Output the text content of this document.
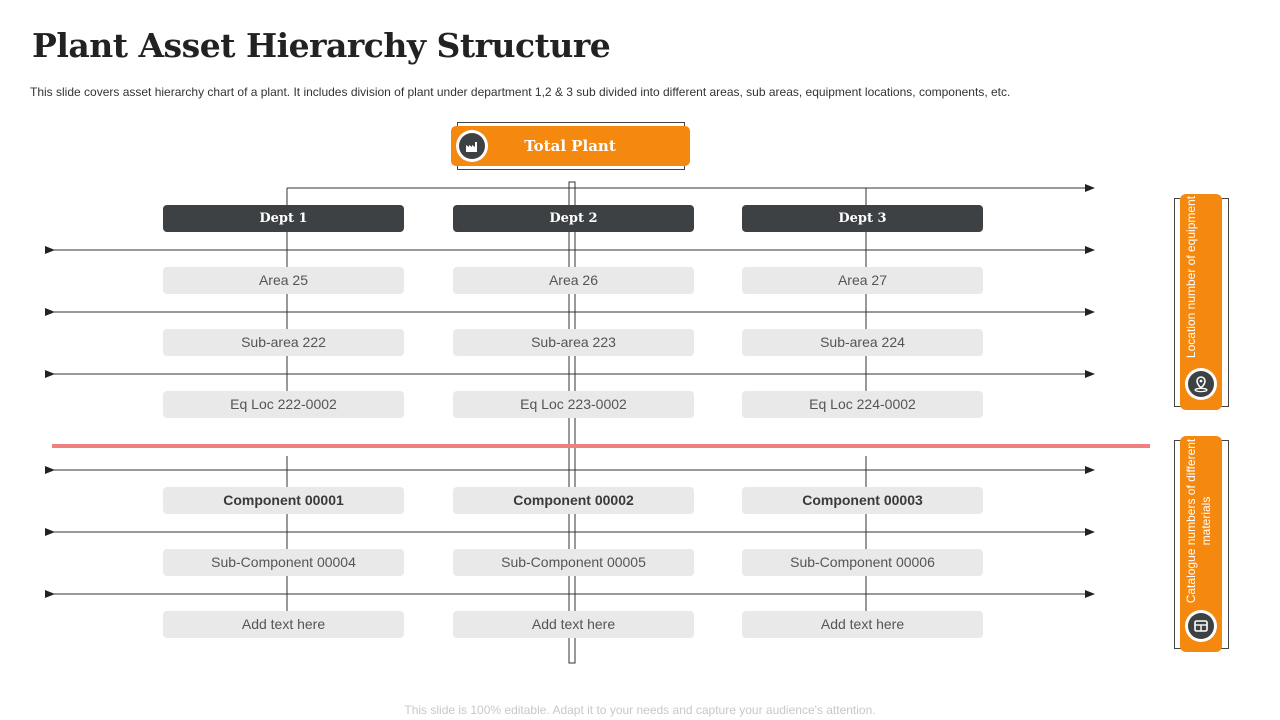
Plant Asset Hierarchy Structure
This slide covers asset hierarchy chart of a plant. It includes division of plant under department 1,2 & 3 sub divided into different areas, sub areas, equipment locations, components, etc.
Total Plant
Dept 1
Area 25
Sub-area 222
Eq Loc 222-0002
Component 00001
Sub-Component 00004
Add text here
Dept 2
Area 26
Sub-area 223
Eq Loc 223-0002
Component 00002
Sub-Component 00005
Add text here
Dept 3
Area 27
Sub-area 224
Eq Loc 224-0002
Component 00003
Sub-Component 00006
Add text here
Location number of equipment
Catalogue numbers of different materials
This slide is 100% editable. Adapt it to your needs and capture your audience's attention.
